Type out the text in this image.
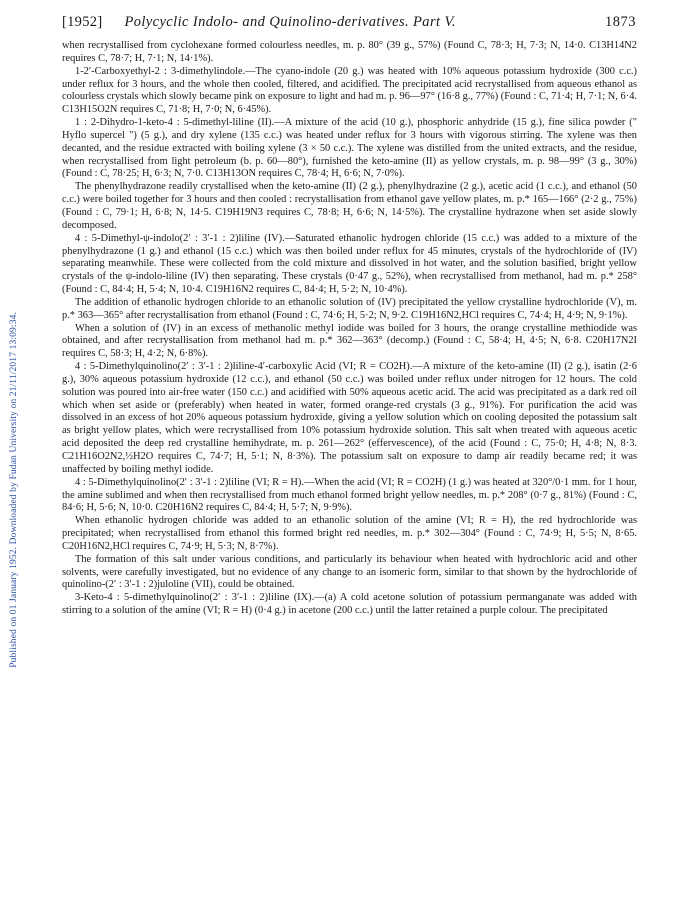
Published on 01 January 1952. Downloaded by Fudan University on 21/11/2017 13:09:34.
[1952] Polycyclic Indolo- and Quinolino-derivatives. Part V.	1873

when recrystallised from cyclohexane formed colourless needles, m. p. 80° (39 g., 57%) (Found C, 78·3; H, 7·3; N, 14·0. C13H14N2 requires C, 78·7; H, 7·1; N, 14·1%).

1-2′-Carboxyethyl-2 : 3-dimethylindole.—The cyano-indole (20 g.) was heated with 10% aqueous potassium hydroxide (300 c.c.) under reflux for 3 hours, and the whole then cooled, filtered, and acidified. The precipitated acid recrystallised from aqueous ethanol as colourless crystals which slowly became pink on exposure to light and had m. p. 96—97° (16·8 g., 77%) (Found : C, 71·4; H, 7·1; N, 6·4. C13H15O2N requires C, 71·8; H, 7·0; N, 6·45%).

1 : 2-Dihydro-1-keto-4 : 5-dimethyl-liline (II).—A mixture of the acid (10 g.), phosphoric anhydride (15 g.), fine silica powder (" Hyflo supercel ") (5 g.), and dry xylene (135 c.c.) was heated under reflux for 3 hours with vigorous stirring. The xylene was then decanted, and the residue extracted with boiling xylene (3 × 50 c.c.). The xylene was distilled from the united extracts, and the residue, when recrystallised from light petroleum (b. p. 60—80°), furnished the keto-amine (II) as yellow crystals, m. p. 98—99° (3 g., 30%) (Found : C, 78·25; H, 6·3; N, 7·0. C13H13ON requires C, 78·4; H, 6·6; N, 7·0%).

The phenylhydrazone readily crystallised when the keto-amine (II) (2 g.), phenylhydrazine (2 g.), acetic acid (1 c.c.), and ethanol (50 c.c.) were boiled together for 3 hours and then cooled : recrystallisation from ethanol gave yellow plates, m. p.* 165—166° (2·2 g., 75%) (Found : C, 79·1; H, 6·8; N, 14·5. C19H19N3 requires C, 78·8; H, 6·6; N, 14·5%). The crystalline hydrazone when set aside slowly decomposed.

4 : 5-Dimethyl-ψ-indolo(2′ : 3′-1 : 2)liline (IV).—Saturated ethanolic hydrogen chloride (15 c.c.) was added to a mixture of the phenylhydrazone (1 g.) and ethanol (15 c.c.) which was then boiled under reflux for 45 minutes, crystals of the hydrochloride of (IV) separating meanwhile. These were collected from the cold mixture and dissolved in hot water, and the solution basified, bright yellow crystals of the ψ-indolo-liline (IV) then separating. These crystals (0·47 g., 52%), when recrystallised from methanol, had m. p.* 258° (Found : C, 84·4; H, 5·4; N, 10·4. C19H16N2 requires C, 84·4; H, 5·2; N, 10·4%).

The addition of ethanolic hydrogen chloride to an ethanolic solution of (IV) precipitated the yellow crystalline hydrochloride (V), m. p.* 363—365° after recrystallisation from ethanol (Found : C, 74·6; H, 5·2; N, 9·2. C19H16N2,HCl requires C, 74·4; H, 4·9; N, 9·1%).

When a solution of (IV) in an excess of methanolic methyl iodide was boiled for 3 hours, the orange crystalline methiodide was obtained, and after recrystallisation from methanol had m. p.* 362—363° (decomp.) (Found : C, 58·4; H, 4·5; N, 6·8. C20H17N2I requires C, 58·3; H, 4·2; N, 6·8%).

4 : 5-Dimethylquinolino(2′ : 3′-1 : 2)liline-4′-carboxylic Acid (VI; R = CO2H).—A mixture of the keto-amine (II) (2 g.), isatin (2·6 g.), 30% aqueous potassium hydroxide (12 c.c.), and ethanol (50 c.c.) was boiled under reflux under nitrogen for 12 hours. The cold solution was poured into air-free water (150 c.c.) and acidified with 50% aqueous acetic acid. The acid was precipitated as a dark red oil which when set aside or (preferably) when heated in water, formed orange-red crystals (3 g., 91%). For purification the acid was dissolved in an excess of hot 20% aqueous potassium hydroxide, giving a yellow solution which on cooling deposited the potassium salt as bright yellow plates, which were recrystallised from 10% potassium hydroxide solution. This salt when treated with aqueous acetic acid deposited the deep red crystalline hemihydrate, m. p. 261—262° (effervescence), of the acid (Found : C, 75·0; H, 4·8; N, 8·3. C21H16O2N2,½H2O requires C, 74·7; H, 5·1; N, 8·3%). The potassium salt on exposure to damp air readily became red; it was unaffected by boiling methyl iodide.

4 : 5-Dimethylquinolino(2′ : 3′-1 : 2)liline (VI; R = H).—When the acid (VI; R = CO2H) (1 g.) was heated at 320°/0·1 mm. for 1 hour, the amine sublimed and when then recrystallised from much ethanol formed bright yellow needles, m. p.* 208° (0·7 g., 81%) (Found : C, 84·6; H, 5·6; N, 10·0. C20H16N2 requires C, 84·4; H, 5·7; N, 9·9%).

When ethanolic hydrogen chloride was added to an ethanolic solution of the amine (VI; R = H), the red hydrochloride was precipitated; when recrystallised from ethanol this formed bright red needles, m. p.* 302—304° (Found : C, 74·9; H, 5·5; N, 8·65. C20H16N2,HCl requires C, 74·9; H, 5·3; N, 8·7%).

The formation of this salt under various conditions, and particularly its behaviour when heated with hydrochloric acid and other solvents, were carefully investigated, but no evidence of any change to an isomeric form, similar to that shown by the hydrochloride of quinolino-(2′ : 3′-1 : 2)juloline (VII), could be obtained.

3-Keto-4 : 5-dimethylquinolino(2′ : 3′-1 : 2)liline (IX).—(a) A cold acetone solution of potassium permanganate was added with stirring to a solution of the amine (VI; R = H) (0·4 g.) in acetone (200 c.c.) until the latter retained a purple colour. The precipitated
